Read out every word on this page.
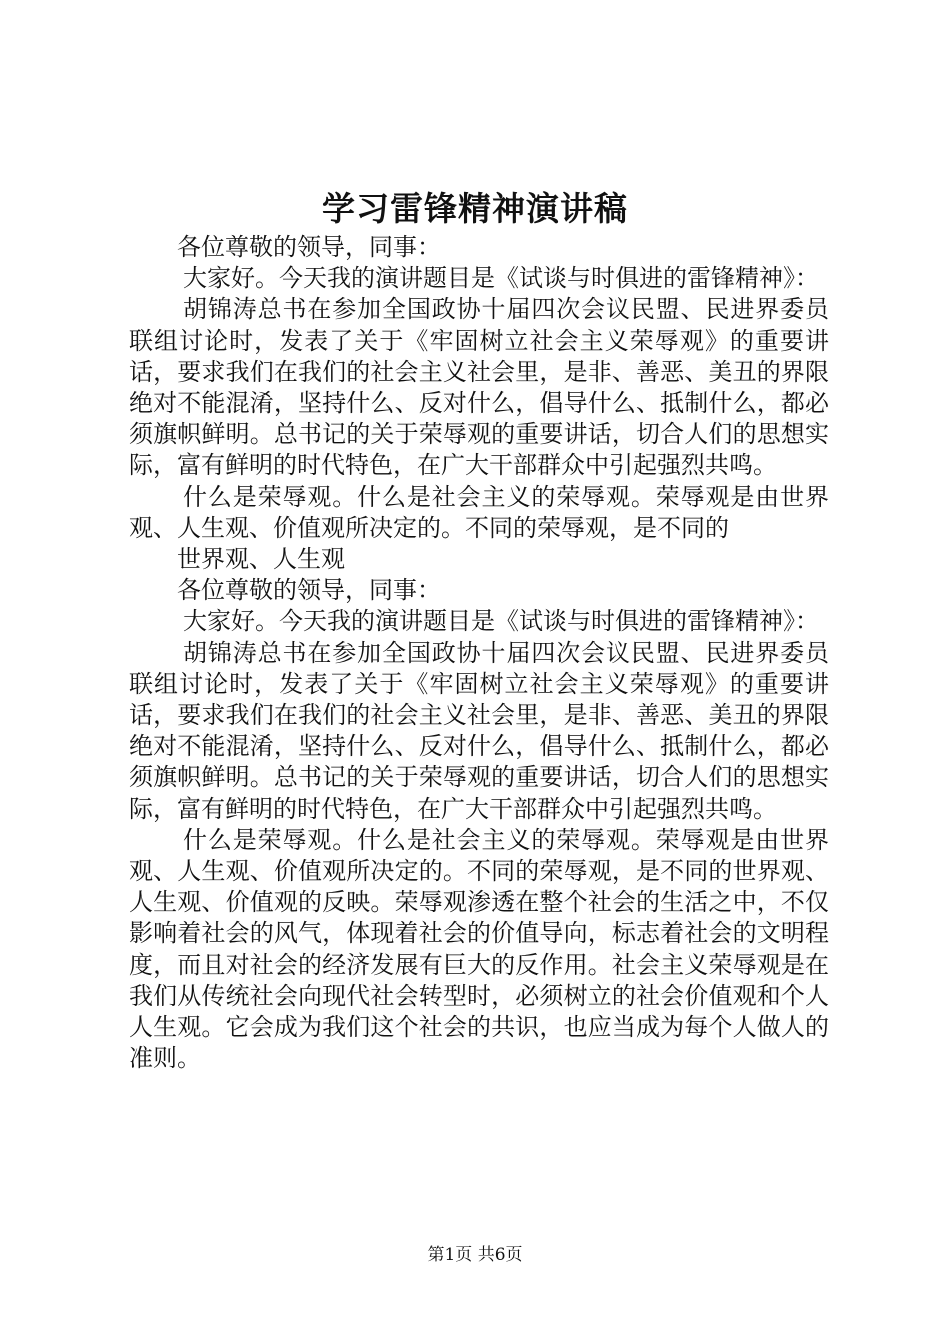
学习雷锋精神演讲稿

各位尊敬的领导，同事：

大家好。今天我的演讲题目是《试谈与时俱进的雷锋精神》：

胡锦涛总书在参加全国政协十届四次会议民盟、民进界委员联组讨论时，发表了关于《牢固树立社会主义荣辱观》的重要讲话，要求我们在我们的社会主义社会里，是非、善恶、美丑的界限绝对不能混淆，坚持什么、反对什么，倡导什么、抵制什么，都必须旗帜鲜明。总书记的关于荣辱观的重要讲话，切合人们的思想实际，富有鲜明的时代特色，在广大干部群众中引起强烈共鸣。

什么是荣辱观。什么是社会主义的荣辱观。荣辱观是由世界观、人生观、价值观所决定的。不同的荣辱观，是不同的

世界观、人生观

各位尊敬的领导，同事：

大家好。今天我的演讲题目是《试谈与时俱进的雷锋精神》：

胡锦涛总书在参加全国政协十届四次会议民盟、民进界委员联组讨论时，发表了关于《牢固树立社会主义荣辱观》的重要讲话，要求我们在我们的社会主义社会里，是非、善恶、美丑的界限绝对不能混淆，坚持什么、反对什么，倡导什么、抵制什么，都必须旗帜鲜明。总书记的关于荣辱观的重要讲话，切合人们的思想实际，富有鲜明的时代特色，在广大干部群众中引起强烈共鸣。

什么是荣辱观。什么是社会主义的荣辱观。荣辱观是由世界观、人生观、价值观所决定的。不同的荣辱观，是不同的世界观、人生观、价值观的反映。荣辱观渗透在整个社会的生活之中，不仅影响着社会的风气，体现着社会的价值导向，标志着社会的文明程度，而且对社会的经济发展有巨大的反作用。社会主义荣辱观是在我们从传统社会向现代社会转型时，必须树立的社会价值观和个人人生观。它会成为我们这个社会的共识，也应当成为每个人做人的准则。

第1页 共6页
